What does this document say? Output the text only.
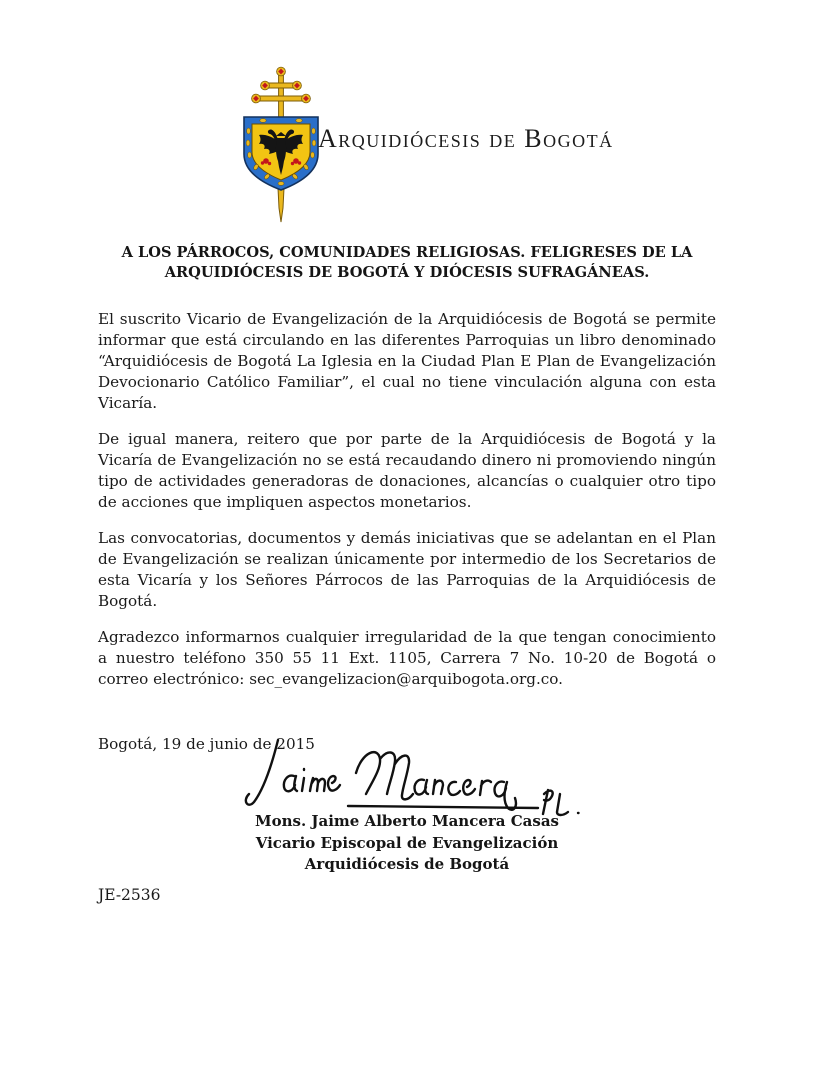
Arquidiócesis de Bogotá
A LOS PÁRROCOS, COMUNIDADES RELIGIOSAS. FELIGRESES DE LA
ARQUIDIÓCESIS DE BOGOTÁ Y DIÓCESIS SUFRAGÁNEAS.

El suscrito Vicario de Evangelización de la Arquidiócesis de Bogotá se permite informar que está circulando en las diferentes Parroquias un libro denominado “Arquidiócesis de Bogotá La Iglesia en la Ciudad Plan E Plan de Evangelización Devocionario Católico Familiar”, el cual no tiene vinculación alguna con esta Vicaría.

De igual manera, reitero que por parte de la Arquidiócesis de Bogotá y la Vicaría de Evangelización no se está recaudando dinero ni promoviendo ningún tipo de actividades generadoras de donaciones, alcancías o cualquier otro tipo de acciones que impliquen aspectos monetarios.

Las convocatorias, documentos y demás iniciativas que se adelantan en el Plan de Evangelización se realizan únicamente por intermedio de los Secretarios de esta Vicaría y los Señores Párrocos de las Parroquias de la Arquidiócesis de Bogotá.

Agradezco informarnos cualquier irregularidad de la que tengan conocimiento a nuestro teléfono 350 55 11 Ext. 1105, Carrera 7 No. 10-20 de Bogotá o correo electrónico: sec_evangelizacion@arquibogota.org.co.

Bogotá, 19 de junio de 2015

Mons. Jaime Alberto Mancera Casas
Vicario Episcopal de Evangelización
Arquidiócesis de Bogotá
JE-2536
